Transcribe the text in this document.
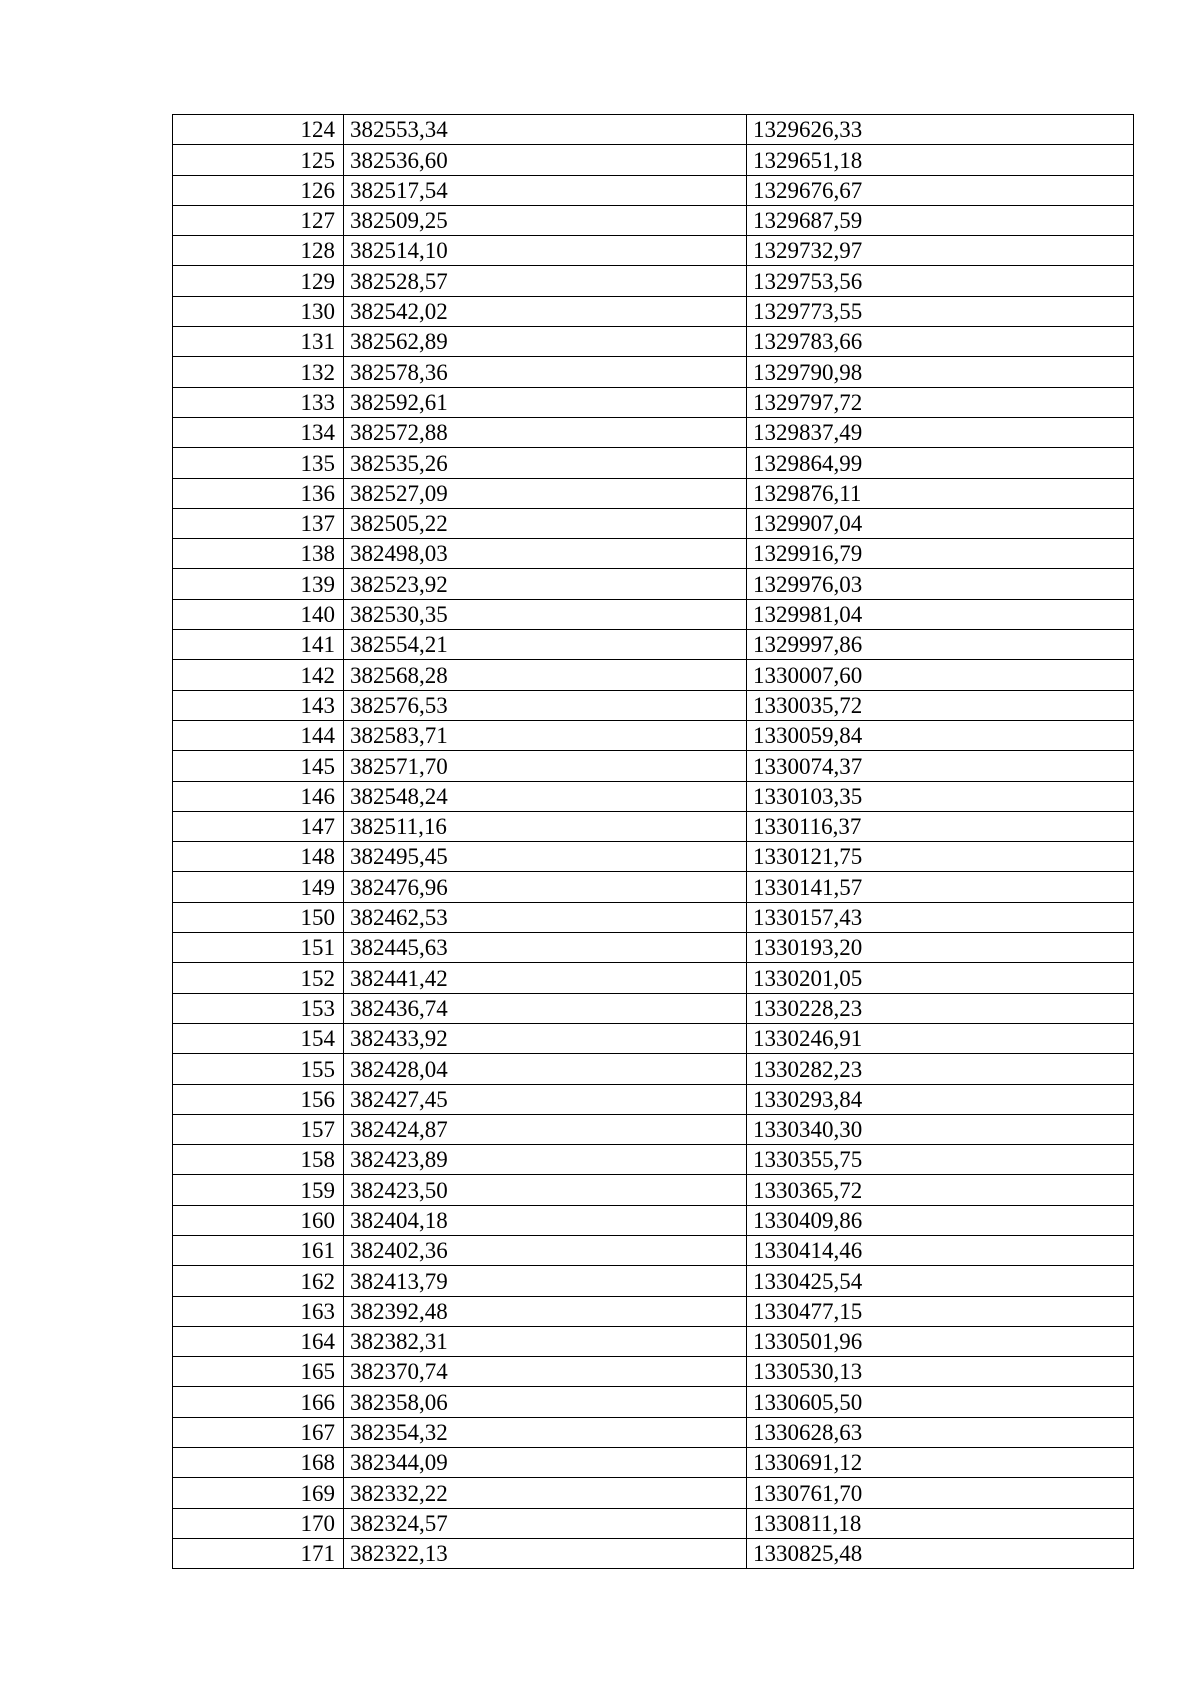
124	382553,34	1329626,33
125	382536,60	1329651,18
126	382517,54	1329676,67
127	382509,25	1329687,59
128	382514,10	1329732,97
129	382528,57	1329753,56
130	382542,02	1329773,55
131	382562,89	1329783,66
132	382578,36	1329790,98
133	382592,61	1329797,72
134	382572,88	1329837,49
135	382535,26	1329864,99
136	382527,09	1329876,11
137	382505,22	1329907,04
138	382498,03	1329916,79
139	382523,92	1329976,03
140	382530,35	1329981,04
141	382554,21	1329997,86
142	382568,28	1330007,60
143	382576,53	1330035,72
144	382583,71	1330059,84
145	382571,70	1330074,37
146	382548,24	1330103,35
147	382511,16	1330116,37
148	382495,45	1330121,75
149	382476,96	1330141,57
150	382462,53	1330157,43
151	382445,63	1330193,20
152	382441,42	1330201,05
153	382436,74	1330228,23
154	382433,92	1330246,91
155	382428,04	1330282,23
156	382427,45	1330293,84
157	382424,87	1330340,30
158	382423,89	1330355,75
159	382423,50	1330365,72
160	382404,18	1330409,86
161	382402,36	1330414,46
162	382413,79	1330425,54
163	382392,48	1330477,15
164	382382,31	1330501,96
165	382370,74	1330530,13
166	382358,06	1330605,50
167	382354,32	1330628,63
168	382344,09	1330691,12
169	382332,22	1330761,70
170	382324,57	1330811,18
171	382322,13	1330825,48
